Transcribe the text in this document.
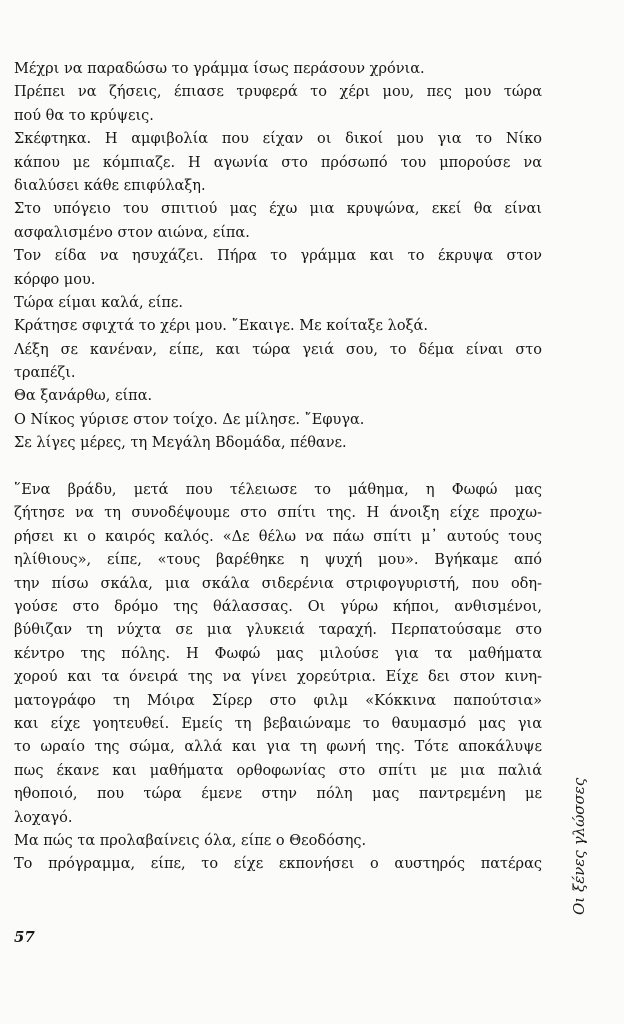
Μέχρι να παραδώσω το γράμμα ίσως περάσουν χρόνια.
Πρέπει να ζήσεις, έπιασε τρυφερά το χέρι μου, πες μου τώρα
πού θα το κρύψεις.
Σκέφτηκα. Η αμφιβολία που είχαν οι δικοί μου για το Νίκο
κάπου με κόμπιαζε. Η αγωνία στο πρόσωπό του μπορούσε να
διαλύσει κάθε επιφύλαξη.
Στο υπόγειο του σπιτιού μας έχω μια κρυψώνα, εκεί θα είναι
ασφαλισμένο στον αιώνα, είπα.
Τον είδα να ησυχάζει. Πήρα το γράμμα και το έκρυψα στον
κόρφο μου.
Τώρα είμαι καλά, είπε.
Κράτησε σφιχτά το χέρι μου. ῎Εκαιγε. Με κοίταξε λοξά.
Λέξη σε κανέναν, είπε, και τώρα γειά σου, το δέμα είναι στο
τραπέζι.
Θα ξανάρθω, είπα.
Ο Νίκος γύρισε στον τοίχο. Δε μίλησε. ῎Εφυγα.
Σε λίγες μέρες, τη Μεγάλη Βδομάδα, πέθανε.
῞Ενα βράδυ, μετά που τέλειωσε το μάθημα, η Φωφώ μας
ζήτησε να τη συνοδέψουμε στο σπίτι της. Η άνοιξη είχε προχω-
ρήσει κι ο καιρός καλός. «Δε θέλω να πάω σπίτι μ᾿ αυτούς τους
ηλίθιους», είπε, «τους βαρέθηκε η ψυχή μου». Βγήκαμε από
την πίσω σκάλα, μια σκάλα σιδερένια στριφογυριστή, που οδη-
γούσε στο δρόμο της θάλασσας. Οι γύρω κήποι, ανθισμένοι,
βύθιζαν τη νύχτα σε μια γλυκειά ταραχή. Περπατούσαμε στο
κέντρο της πόλης. Η Φωφώ μας μιλούσε για τα μαθήματα
χορού και τα όνειρά της να γίνει χορεύτρια. Είχε δει στον κινη-
ματογράφο τη Μόιρα Σίρερ στο φιλμ «Κόκκινα παπούτσια»
και είχε γοητευθεί. Εμείς τη βεβαιώναμε το θαυμασμό μας για
το ωραίο της σώμα, αλλά και για τη φωνή της. Τότε αποκάλυψε
πως έκανε και μαθήματα ορθοφωνίας στο σπίτι με μια παλιά
ηθοποιό, που τώρα έμενε στην πόλη μας παντρεμένη με
λοχαγό.
Μα πώς τα προλαβαίνεις όλα, είπε ο Θεοδόσης.
Το πρόγραμμα, είπε, το είχε εκπονήσει ο αυστηρός πατέρας Οι ξένες γλώσσες
57
